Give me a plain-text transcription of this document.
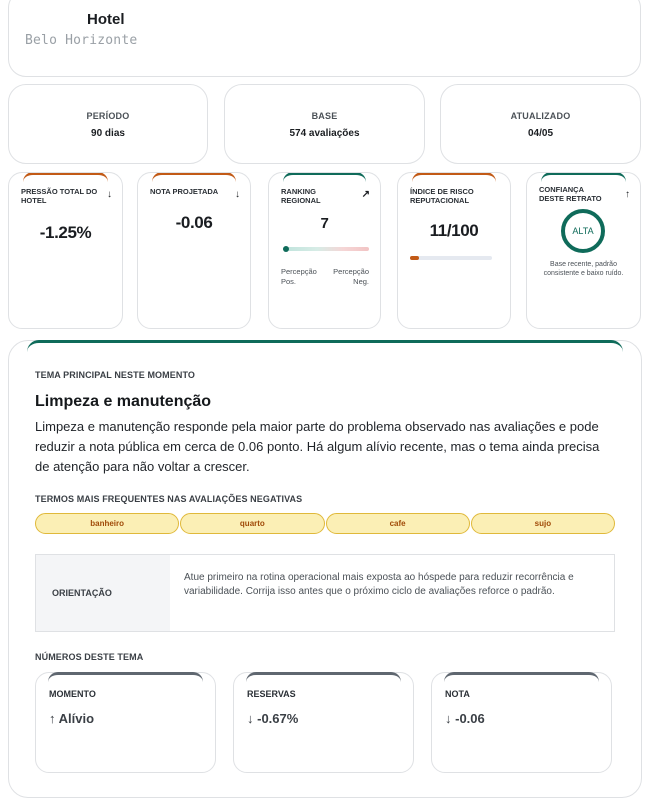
Hotel
Belo Horizonte
PERÍODO
90 dias
BASE
574 avaliações
ATUALIZADO
04/05
PRESSÃO TOTAL DO HOTEL
↓
-1.25%
NOTA PROJETADA	↓
-0.06
RANKING REGIONAL
↗
7
Percepção Pos.
Percepção Neg.
ÍNDICE DE RISCO REPUTACIONAL
11/100
CONFIANÇA DESTE RETRATO	↑
ALTA
Base recente, padrão consistente e baixo ruído.
TEMA PRINCIPAL NESTE MOMENTO
Limpeza e manutenção
Limpeza e manutenção responde pela maior parte do problema observado nas avaliações e pode reduzir a nota pública em cerca de 0.06 ponto. Há algum alívio recente, mas o tema ainda precisa de atenção para não voltar a crescer.
TERMOS MAIS FREQUENTES NAS AVALIAÇÕES NEGATIVAS
banheiro	quarto	cafe	sujo
ORIENTAÇÃO
Atue primeiro na rotina operacional mais exposta ao hóspede para reduzir recorrência e variabilidade. Corrija isso antes que o próximo ciclo de avaliações reforce o padrão.
NÚMEROS DESTE TEMA
MOMENTO
↑ Alívio
RESERVAS
↓ -0.67%
NOTA
↓ -0.06
